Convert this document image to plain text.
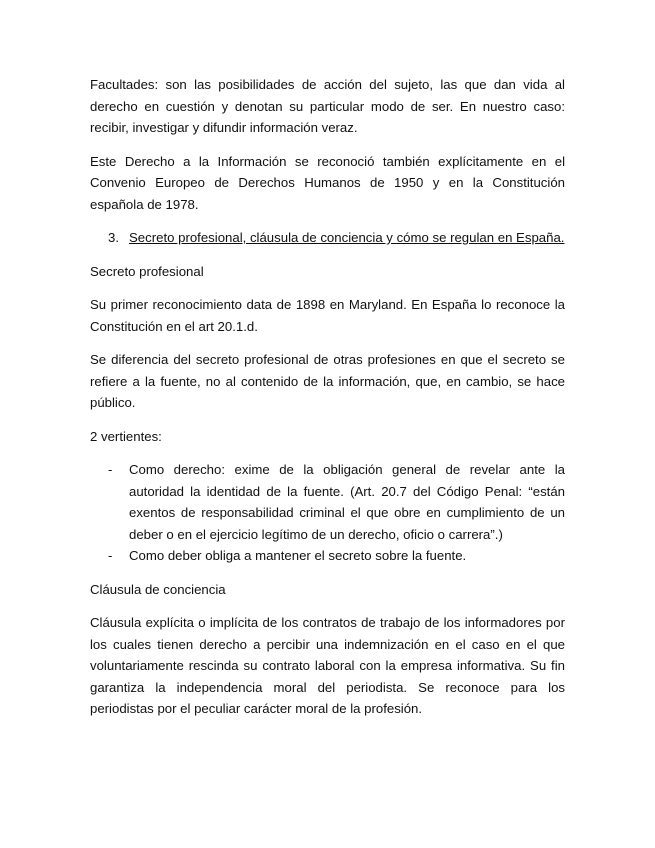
Facultades: son las posibilidades de acción del sujeto, las que dan vida al derecho en cuestión y denotan su particular modo de ser. En nuestro caso: recibir, investigar y difundir información veraz.

Este Derecho a la Información se reconoció también explícitamente en el Convenio Europeo de Derechos Humanos de 1950 y en la Constitución española de 1978.

3. Secreto profesional, cláusula de conciencia y cómo se regulan en España.
Secreto profesional

Su primer reconocimiento data de 1898 en Maryland. En España lo reconoce la Constitución en el art 20.1.d.

Se diferencia del secreto profesional de otras profesiones en que el secreto se refiere a la fuente, no al contenido de la información, que, en cambio, se hace público.

2 vertientes:

-	Como derecho: exime de la obligación general de revelar ante la autoridad la identidad de la fuente. (Art. 20.7 del Código Penal: “están exentos de responsabilidad criminal el que obre en cumplimiento de un deber o en el ejercicio legítimo de un derecho, oficio o carrera”.)
-	Como deber obliga a mantener el secreto sobre la fuente.
Cláusula de conciencia

Cláusula explícita o implícita de los contratos de trabajo de los informadores por los cuales tienen derecho a percibir una indemnización en el caso en el que voluntariamente rescinda su contrato laboral con la empresa informativa. Su fin garantiza la independencia moral del periodista. Se reconoce para los periodistas por el peculiar carácter moral de la profesión.
